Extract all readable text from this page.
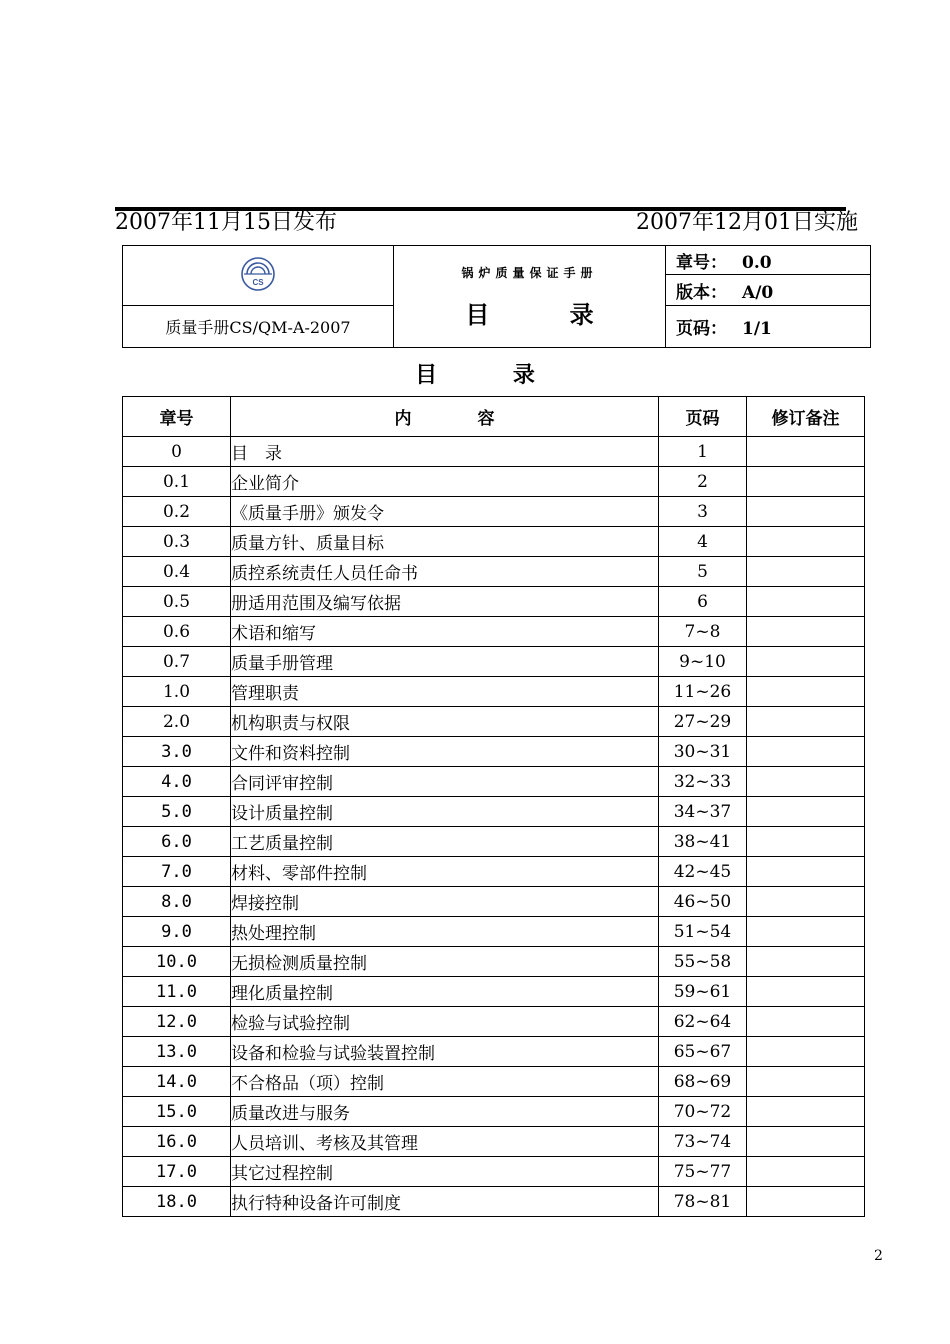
2007年11月15日发布	2007年12月01日实施
CS	锅炉质量保证手册
目 录	章号： 0.0
		版本： A/0
质量手册CS/QM-A-2007		页码： 1/1
目 录
章号	内 容	页码	修订备注
0	目　录	1	
0.1	企业简介	2	
0.2	《质量手册》颁发令	3	
0.3	质量方针、质量目标	4	
0.4	质控系统责任人员任命书	5	
0.5	册适用范围及编写依据	6	
0.6	术语和缩写	7~8	
0.7	质量手册管理	9~10	
1.0	管理职责	11~26	
2.0	机构职责与权限	27~29	
3.0	文件和资料控制	30~31	
4.0	合同评审控制	32~33	
5.0	设计质量控制	34~37	
6.0	工艺质量控制	38~41	
7.0	材料、零部件控制	42~45	
8.0	焊接控制	46~50	
9.0	热处理控制	51~54	
10.0	无损检测质量控制	55~58	
11.0	理化质量控制	59~61	
12.0	检验与试验控制	62~64	
13.0	设备和检验与试验装置控制	65~67	
14.0	不合格品（项）控制	68~69	
15.0	质量改进与服务	70~72	
16.0	人员培训、考核及其管理	73~74	
17.0	其它过程控制	75~77	
18.0	执行特种设备许可制度	78~81	
2
